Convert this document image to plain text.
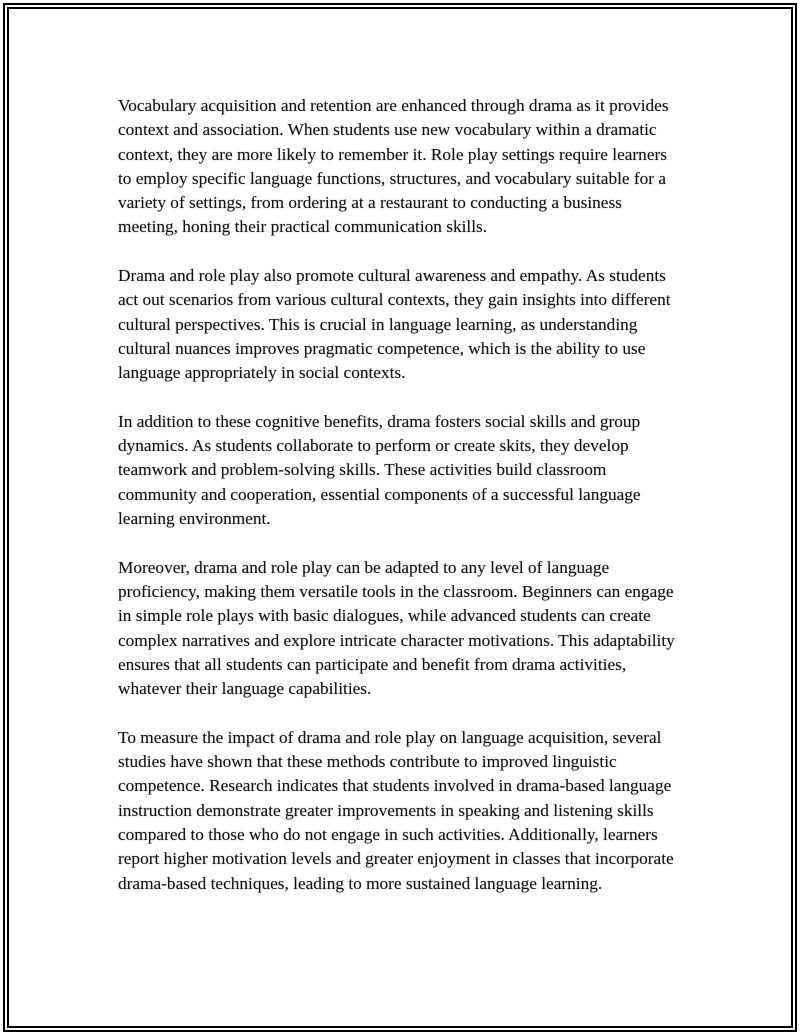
Vocabulary acquisition and retention are enhanced through drama as it provides context and association. When students use new vocabulary within a dramatic context, they are more likely to remember it. Role play settings require learners to employ specific language functions, structures, and vocabulary suitable for a variety of settings, from ordering at a restaurant to conducting a business meeting, honing their practical communication skills.

Drama and role play also promote cultural awareness and empathy. As students act out scenarios from various cultural contexts, they gain insights into different cultural perspectives. This is crucial in language learning, as understanding cultural nuances improves pragmatic competence, which is the ability to use language appropriately in social contexts.

In addition to these cognitive benefits, drama fosters social skills and group dynamics. As students collaborate to perform or create skits, they develop teamwork and problem-solving skills. These activities build classroom community and cooperation, essential components of a successful language learning environment.

Moreover, drama and role play can be adapted to any level of language proficiency, making them versatile tools in the classroom. Beginners can engage in simple role plays with basic dialogues, while advanced students can create complex narratives and explore intricate character motivations. This adaptability ensures that all students can participate and benefit from drama activities, whatever their language capabilities.

To measure the impact of drama and role play on language acquisition, several studies have shown that these methods contribute to improved linguistic competence. Research indicates that students involved in drama-based language instruction demonstrate greater improvements in speaking and listening skills compared to those who do not engage in such activities. Additionally, learners report higher motivation levels and greater enjoyment in classes that incorporate drama-based techniques, leading to more sustained language learning.
